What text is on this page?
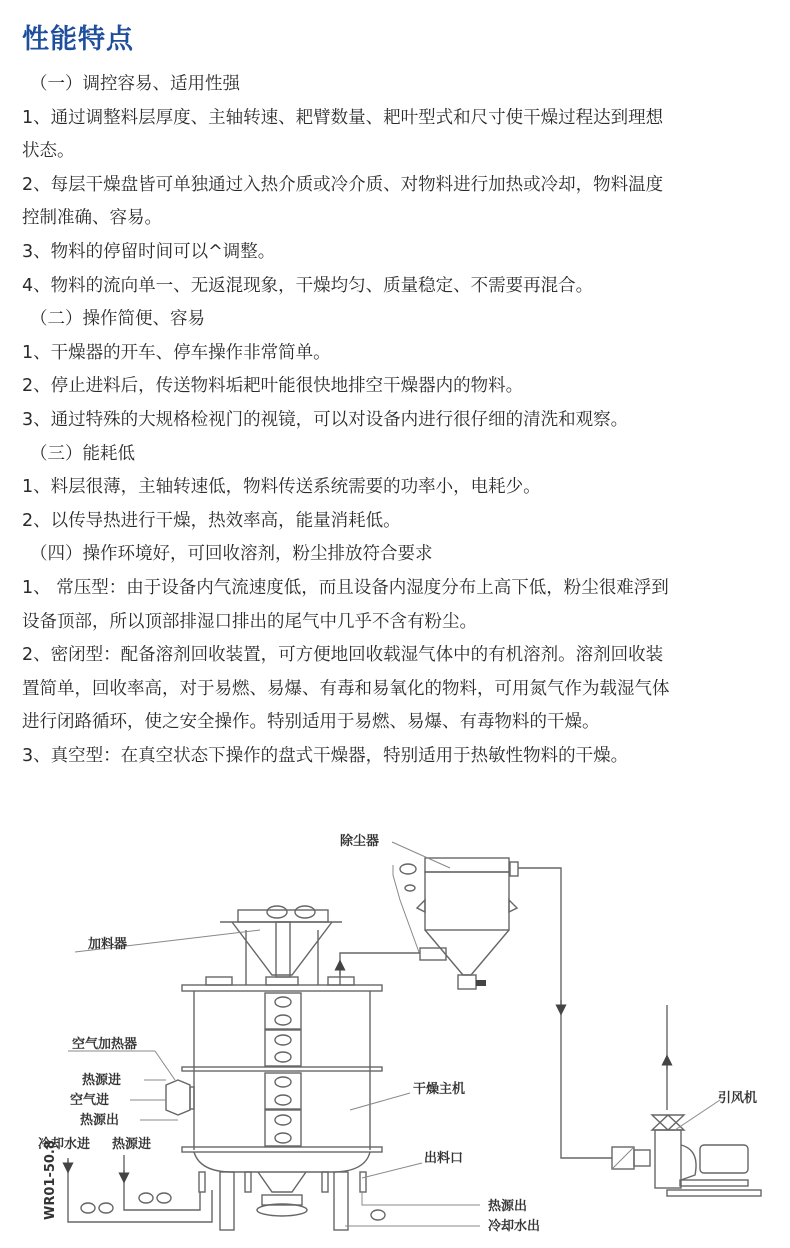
性能特点
（一）调控容易、适用性强
1、通过调整料层厚度、主轴转速、耙臂数量、耙叶型式和尺寸使干燥过程达到理想
状态。
2、每层干燥盘皆可单独通过入热介质或冷介质、对物料进行加热或冷却，物料温度
控制准确、容易。
3、物料的停留时间可以^调整。
4、物料的流向单一、无返混现象，干燥均匀、质量稳定、不需要再混合。
（二）操作简便、容易
1、干燥器的开车、停车操作非常简单。
2、停止进料后，传送物料垢耙叶能很快地排空干燥器内的物料。
3、通过特殊的大规格检视门的视镜，可以对设备内进行很仔细的清洗和观察。
（三）能耗低
1、料层很薄，主轴转速低，物料传送系统需要的功率小，电耗少。
2、以传导热进行干燥，热效率高，能量消耗低。
（四）操作环境好，可回收溶剂，粉尘排放符合要求
1、 常压型：由于设备内气流速度低，而且设备内湿度分布上高下低，粉尘很难浮到
设备顶部，所以顶部排湿口排出的尾气中几乎不含有粉尘。
2、密闭型：配备溶剂回收装置，可方便地回收载湿气体中的有机溶剂。溶剂回收装
置简单，回收率高，对于易燃、易爆、有毒和易氧化的物料，可用氮气作为载湿气体
进行闭路循环，使之安全操作。特别适用于易燃、易爆、有毒物料的干燥。
3、真空型：在真空状态下操作的盘式干燥器，特别适用于热敏性物料的干燥。
除尘器
引风机
加料器
干燥主机
出料口
空气加热器
热源进
空气进
热源出
冷却水进 热源进
WR01-50.8	热源出
冷却水出
